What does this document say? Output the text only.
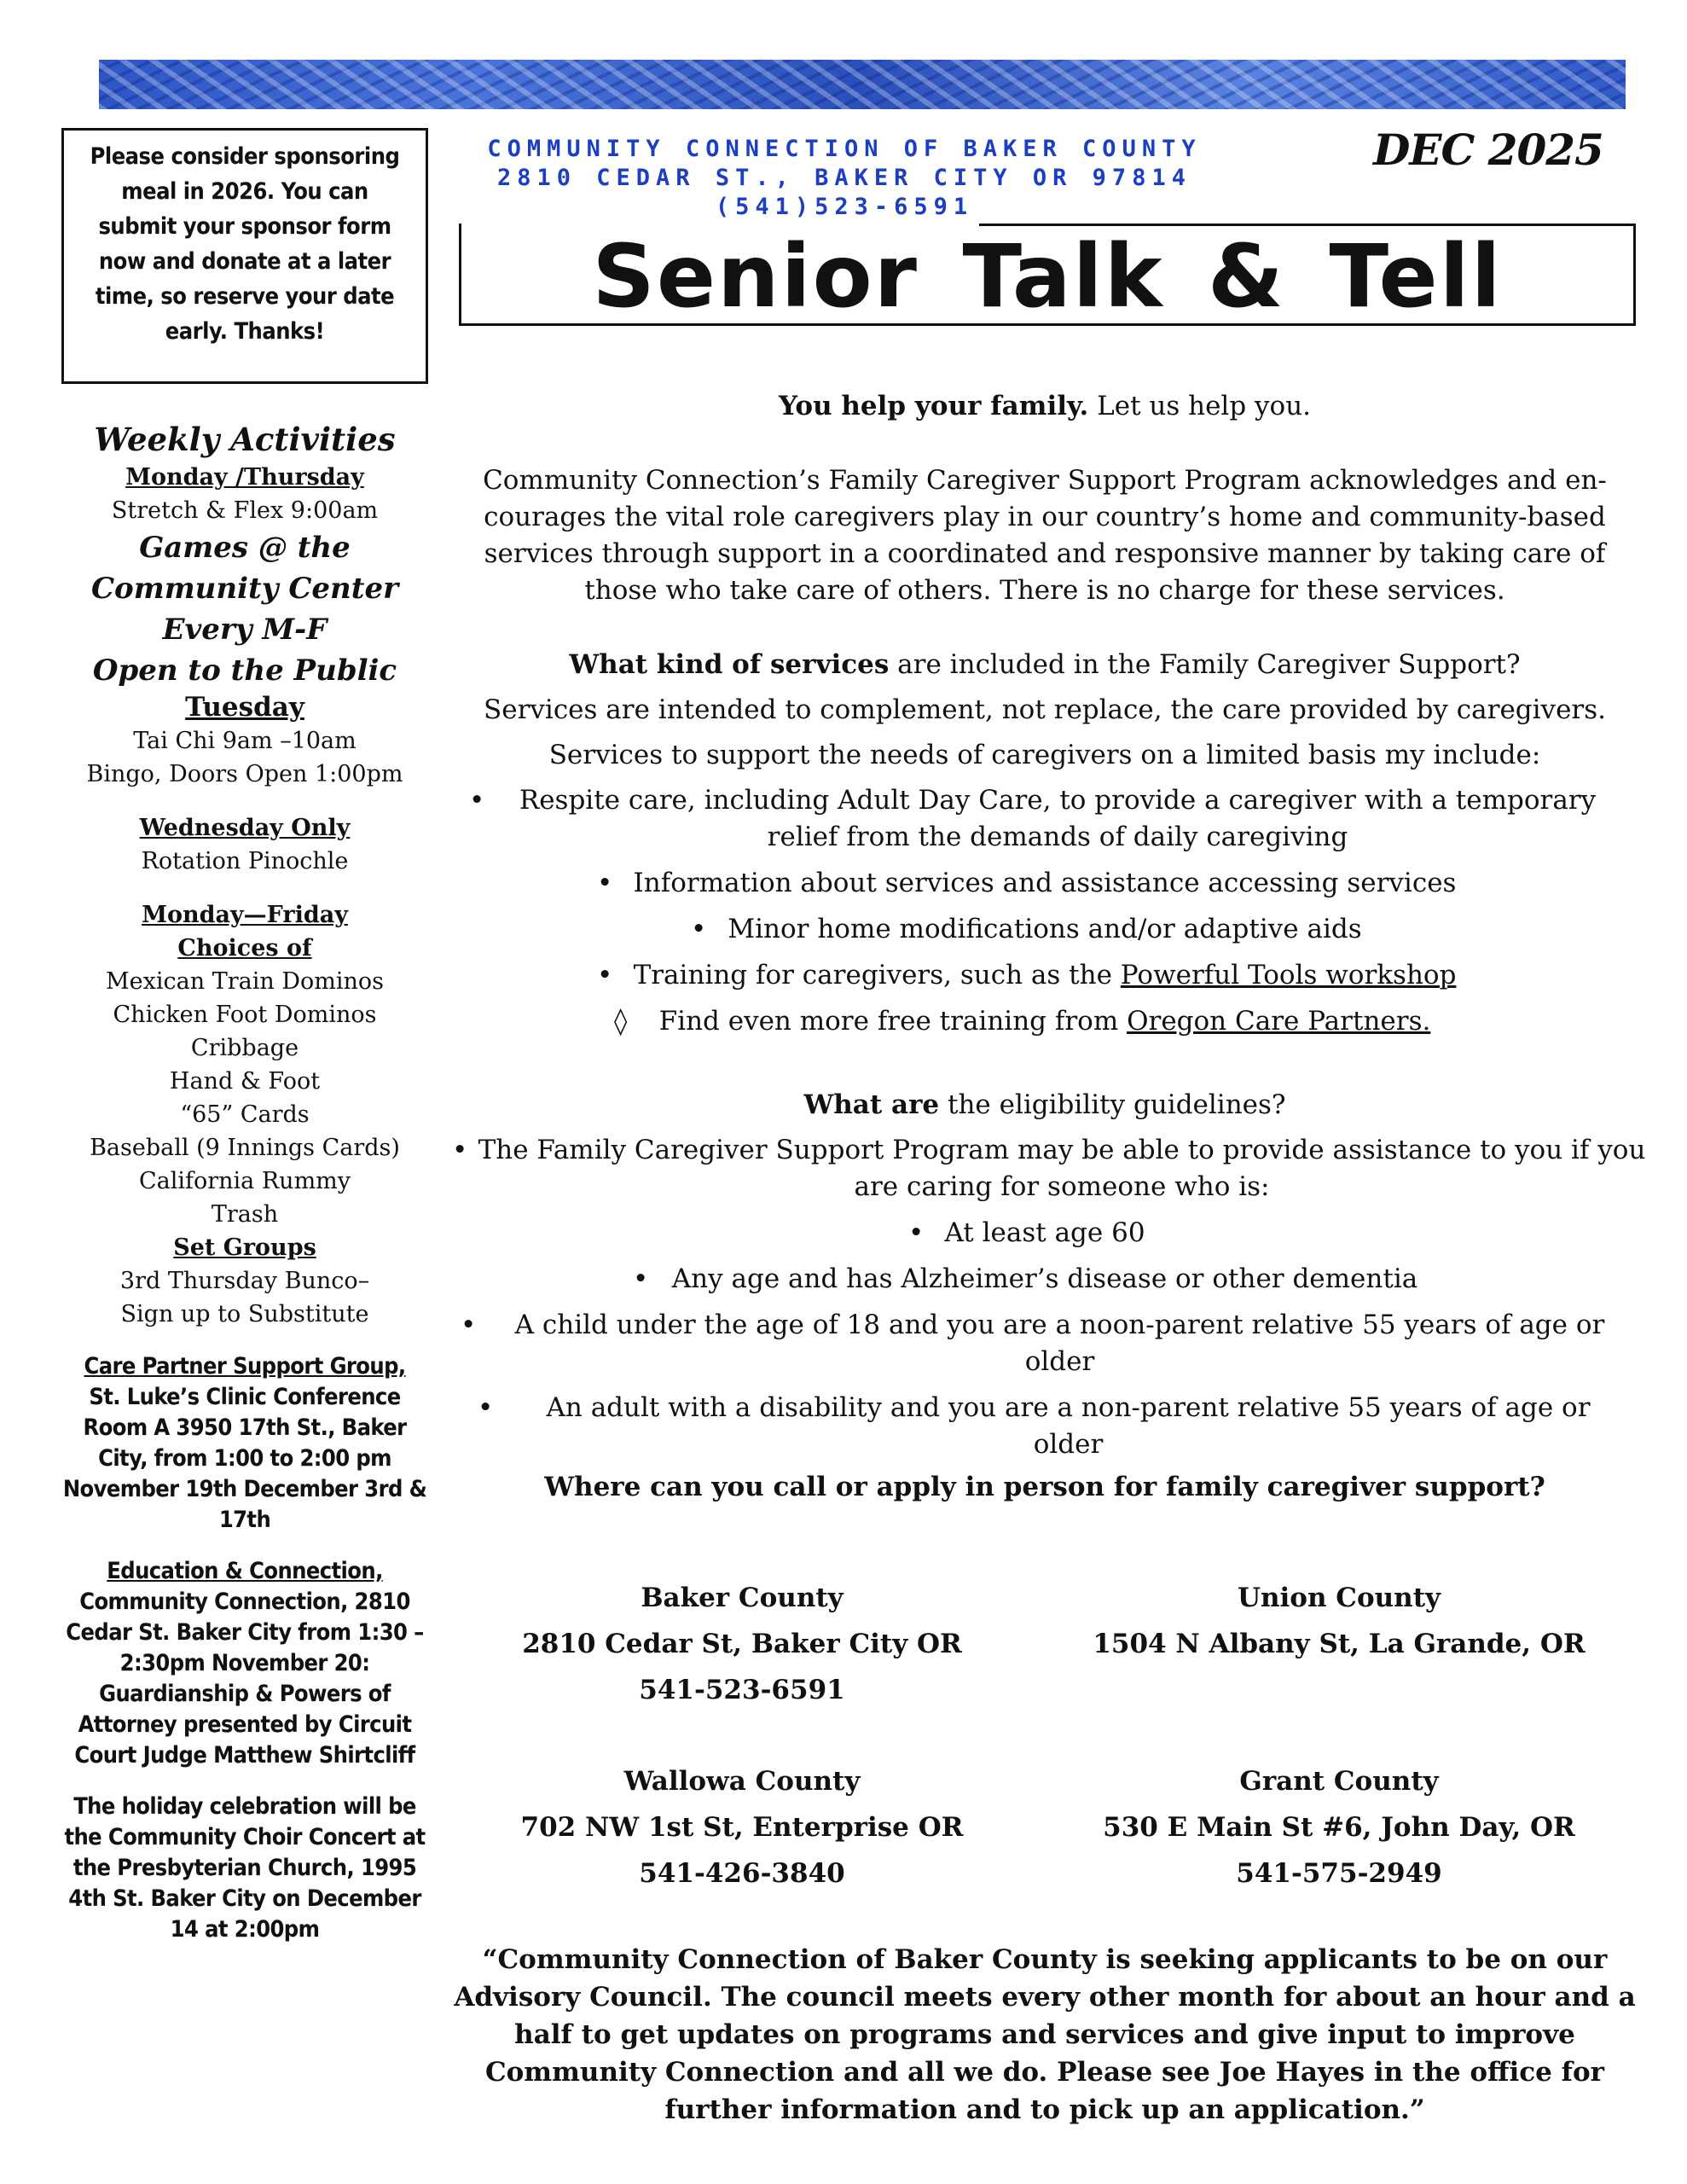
Please consider sponsoring meal in 2026. You can submit your sponsor form now and donate at a later time, so reserve your date early. Thanks!
COMMUNITY CONNECTION OF BAKER COUNTY
2810 CEDAR ST., BAKER CITY OR 97814
(541)523-6591
DEC 2025
Senior Talk & Tell
Weekly Activities
Monday /Thursday
Stretch & Flex 9:00am
Games @ the
Community Center
Every M-F
Open to the Public
Tuesday
Tai Chi 9am –10am
Bingo, Doors Open 1:00pm
Wednesday Only
Rotation Pinochle
Monday—Friday
Choices of
Mexican Train Dominos
Chicken Foot Dominos
Cribbage
Hand & Foot
“65” Cards
Baseball (9 Innings Cards)
California Rummy
Trash
Set Groups
3rd Thursday Bunco–
Sign up to Substitute
Care Partner Support Group,
St. Luke’s Clinic Conference Room A 3950 17th St., Baker City, from 1:00 to 2:00 pm November 19th December 3rd & 17th
Education & Connection,
Community Connection, 2810 Cedar St. Baker City from 1:30 –2:30pm November 20: Guardianship & Powers of Attorney presented by Circuit Court Judge Matthew Shirtcliff
The holiday celebration will be the Community Choir Concert at the Presbyterian Church, 1995 4th St. Baker City on December 14 at 2:00pm

You help your family. Let us help you.

Community Connection’s Family Caregiver Support Program acknowledges and en-courages the vital role caregivers play in our country’s home and community-based services through support in a coordinated and responsive manner by taking care of those who take care of others. There is no charge for these services.

What kind of services are included in the Family Caregiver Support?

Services are intended to complement, not replace, the care provided by caregivers.

Services to support the needs of caregivers on a limited basis my include:

•	Respite care, including Adult Day Care, to provide a caregiver with a temporary relief from the demands of daily caregiving
• Information about services and assistance accessing services
• Minor home modifications and/or adaptive aids
• Training for caregivers, such as the Powerful Tools workshop
◊	Find even more free training from Oregon Care Partners.

What are the eligibility guidelines?

• The Family Caregiver Support Program may be able to provide assistance to you if you are caring for someone who is:
• At least age 60
• Any age and has Alzheimer’s disease or other dementia
•	A child under the age of 18 and you are a noon-parent relative 55 years of age or older
•	An adult with a disability and you are a non-parent relative 55 years of age or older

Where can you call or apply in person for family caregiver support?

Baker County
2810 Cedar St, Baker City OR
541-523-6591
Union County
1504 N Albany St, La Grande, OR
Wallowa County
702 NW 1st St, Enterprise OR
541-426-3840
Grant County
530 E Main St #6, John Day, OR
541-575-2949
“Community Connection of Baker County is seeking applicants to be on our Advisory Council. The council meets every other month for about an hour and a half to get updates on programs and services and give input to improve Community Connection and all we do. Please see Joe Hayes in the office for further information and to pick up an application.”
